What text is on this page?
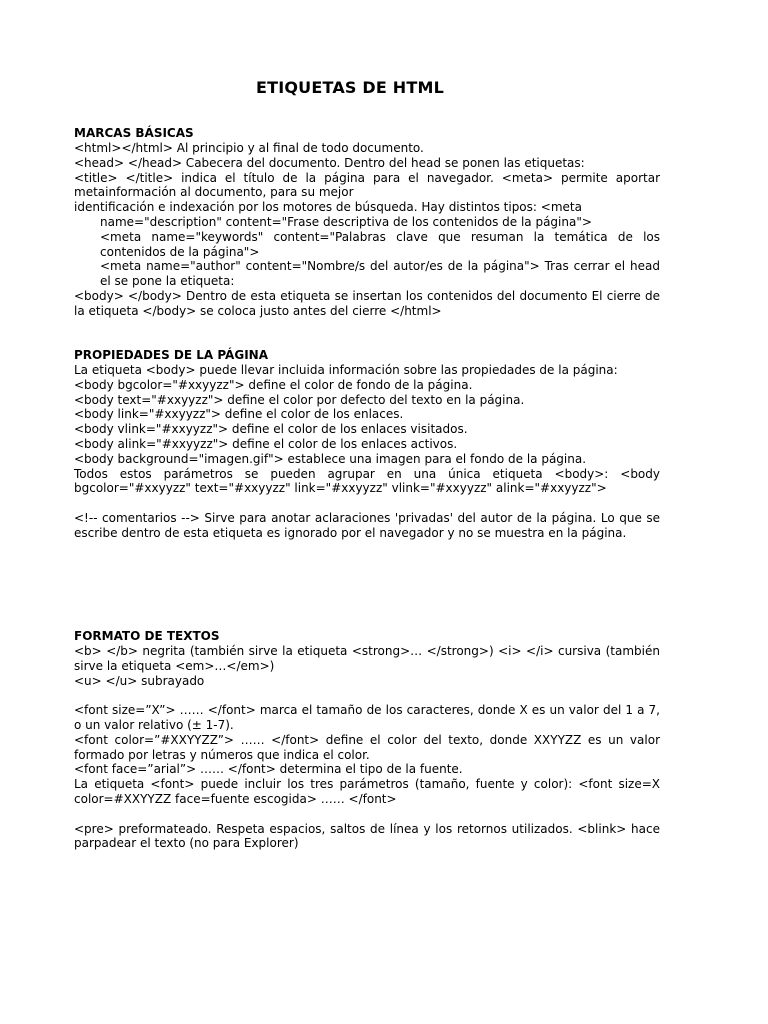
ETIQUETAS DE HTML
MARCAS BÁSICAS

<html></html> Al principio y al final de todo documento.

<head> </head> Cabecera del documento. Dentro del head se ponen las etiquetas:

<title> </title> indica el título de la página para el navegador. <meta> permite aportar metainformación al documento, para su mejor

identificación e indexación por los motores de búsqueda. Hay distintos tipos: <meta

name="description" content="Frase descriptiva de los contenidos de la página">

<meta name="keywords" content="Palabras clave que resuman la temática de los contenidos de la página">

<meta name="author" content="Nombre/s del autor/es de la página"> Tras cerrar el head el se pone la etiqueta:

<body> </body> Dentro de esta etiqueta se insertan los contenidos del documento El cierre de la etiqueta </body> se coloca justo antes del cierre </html>

PROPIEDADES DE LA PÁGINA

La etiqueta <body> puede llevar incluida información sobre las propiedades de la página:

<body bgcolor="#xxyyzz"> define el color de fondo de la página.

<body text="#xxyyzz"> define el color por defecto del texto en la página.

<body link="#xxyyzz"> define el color de los enlaces.

<body vlink="#xxyyzz"> define el color de los enlaces visitados.

<body alink="#xxyyzz"> define el color de los enlaces activos.

<body background="imagen.gif"> establece una imagen para el fondo de la página.

Todos estos parámetros se pueden agrupar en una única etiqueta <body>: <body bgcolor="#xxyyzz" text="#xxyyzz" link="#xxyyzz" vlink="#xxyyzz" alink="#xxyyzz">

<!-- comentarios --> Sirve para anotar aclaraciones 'privadas' del autor de la página. Lo que se escribe dentro de esta etiqueta es ignorado por el navegador y no se muestra en la página.

FORMATO DE TEXTOS

<b> </b> negrita (también sirve la etiqueta <strong>… </strong>) <i> </i> cursiva (también sirve la etiqueta <em>…</em>)

<u> </u> subrayado

<font size=”X”> …… </font> marca el tamaño de los caracteres, donde X es un valor del 1 a 7, o un valor relativo (± 1-7).

<font color=”#XXYYZZ”> …… </font> define el color del texto, donde XXYYZZ es un valor formado por letras y números que indica el color.

<font face=”arial”> …… </font> determina el tipo de la fuente.

La etiqueta <font> puede incluir los tres parámetros (tamaño, fuente y color): <font size=X color=#XXYYZZ face=fuente escogida> …… </font>

<pre> preformateado. Respeta espacios, saltos de línea y los retornos utilizados. <blink> hace parpadear el texto (no para Explorer)
